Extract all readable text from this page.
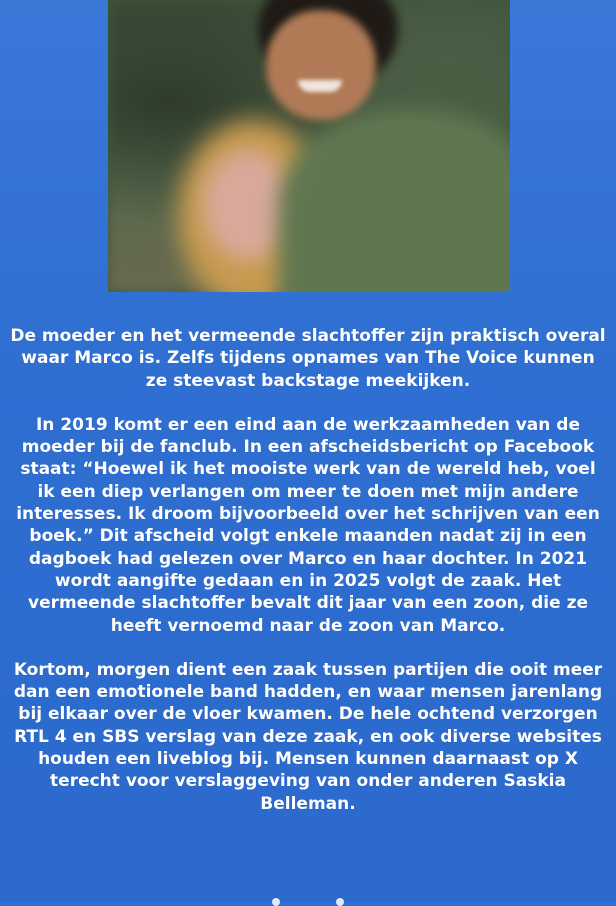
De moeder en het vermeende slachtoffer zijn praktisch overal waar Marco is. Zelfs tijdens opnames van The Voice kunnen ze steevast backstage meekijken.

In 2019 komt er een eind aan de werkzaamheden van de moeder bij de fanclub. In een afscheidsbericht op Facebook staat: “Hoewel ik het mooiste werk van de wereld heb, voel ik een diep verlangen om meer te doen met mijn andere interesses. Ik droom bijvoorbeeld over het schrijven van een boek.” Dit afscheid volgt enkele maanden nadat zij in een dagboek had gelezen over Marco en haar dochter. In 2021 wordt aangifte gedaan en in 2025 volgt de zaak. Het vermeende slachtoffer bevalt dit jaar van een zoon, die ze heeft vernoemd naar de zoon van Marco.

Kortom, morgen dient een zaak tussen partijen die ooit meer dan een emotionele band hadden, en waar mensen jarenlang bij elkaar over de vloer kwamen. De hele ochtend verzorgen RTL 4 en SBS verslag van deze zaak, en ook diverse websites houden een liveblog bij. Mensen kunnen daarnaast op X terecht voor verslaggeving van onder anderen Saskia Belleman.
